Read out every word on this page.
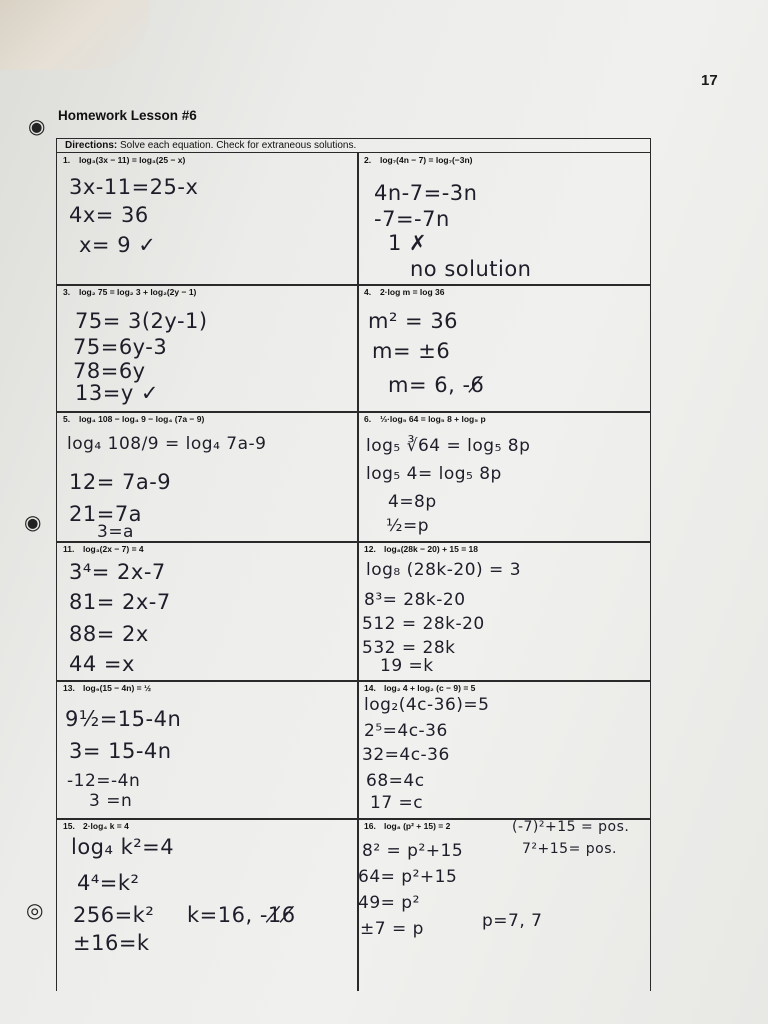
17
◉
◉
◎
Homework Lesson #6
Directions: Solve each equation. Check for extraneous solutions.
1. log₃(3x − 11) = log₃(25 − x)
3x-11=25-x
4x= 36
x= 9 ✓
2. log₇(4n − 7) = log₇(−3n)
4n-7=-3n
-7=-7n
1 ✗
no solution
3. log₂ 75 = log₂ 3 + log₂(2y − 1)
75= 3(2y-1)
75=6y-3
78=6y
13=y ✓
4. 2·log m = log 36
m² = 36
m= ±6
m= 6, -6̸
5. log₄ 108 − log₄ 9 − log₄ (7a − 9)
log₄ 108/9 = log₄ 7a-9
12= 7a-9
21=7a
3=a
6. ⅓·log₅ 64 = log₅ 8 + log₅ p
log₅ ∛64 = log₅ 8p
log₅ 4= log₅ 8p
4=8p
½=p
11. log₃(2x − 7) = 4
3⁴= 2x-7
81= 2x-7
88= 2x
44 =x
12. log₈(28k − 20) + 15 = 18
log₈ (28k-20) = 3
8³= 28k-20
512 = 28k-20
532 = 28k
19 =k
13. log₉(15 − 4n) = ½
9½=15-4n
3= 15-4n
-12=-4n
3 =n
14. log₂ 4 + log₂ (c − 9) = 5
log₂(4c-36)=5
2⁵=4c-36
32=4c-36
68=4c
17 =c
15. 2·log₄ k = 4
log₄ k²=4
4⁴=k²
256=k²
±16=k
k=16, -1̸6̸
16. log₈ (p² + 15) = 2
8² = p²+15
64= p²+15
49= p²
±7 = p	p=7, 7
(-7)²+15 = pos.
7²+15= pos.
